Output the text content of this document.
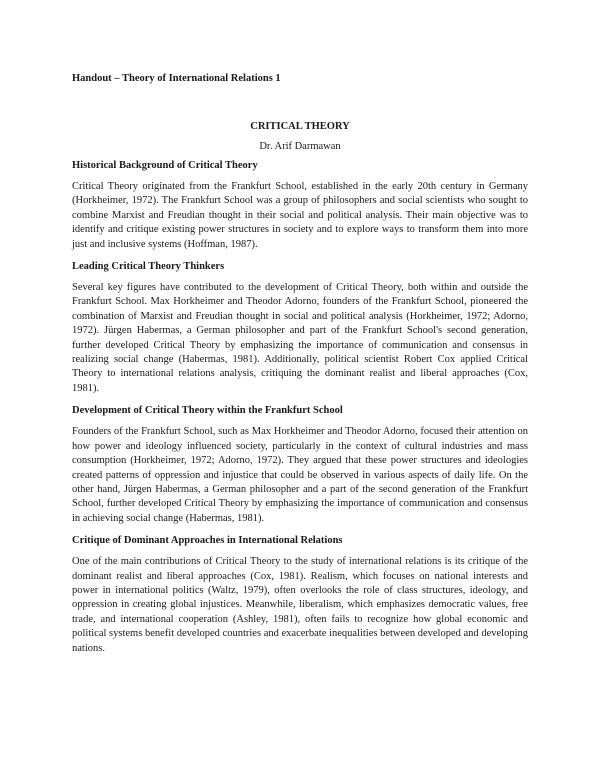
Handout – Theory of International Relations 1

CRITICAL THEORY

Dr. Arif Darmawan

Historical Background of Critical Theory

Critical Theory originated from the Frankfurt School, established in the early 20th century in Germany (Horkheimer, 1972). The Frankfurt School was a group of philosophers and social scientists who sought to combine Marxist and Freudian thought in their social and political analysis. Their main objective was to identify and critique existing power structures in society and to explore ways to transform them into more just and inclusive systems (Hoffman, 1987).

Leading Critical Theory Thinkers

Several key figures have contributed to the development of Critical Theory, both within and outside the Frankfurt School. Max Horkheimer and Theodor Adorno, founders of the Frankfurt School, pioneered the combination of Marxist and Freudian thought in social and political analysis (Horkheimer, 1972; Adorno, 1972). Jürgen Habermas, a German philosopher and part of the Frankfurt School's second generation, further developed Critical Theory by emphasizing the importance of communication and consensus in realizing social change (Habermas, 1981). Additionally, political scientist Robert Cox applied Critical Theory to international relations analysis, critiquing the dominant realist and liberal approaches (Cox, 1981).

Development of Critical Theory within the Frankfurt School

Founders of the Frankfurt School, such as Max Horkheimer and Theodor Adorno, focused their attention on how power and ideology influenced society, particularly in the context of cultural industries and mass consumption (Horkheimer, 1972; Adorno, 1972). They argued that these power structures and ideologies created patterns of oppression and injustice that could be observed in various aspects of daily life. On the other hand, Jürgen Habermas, a German philosopher and a part of the second generation of the Frankfurt School, further developed Critical Theory by emphasizing the importance of communication and consensus in achieving social change (Habermas, 1981).

Critique of Dominant Approaches in International Relations

One of the main contributions of Critical Theory to the study of international relations is its critique of the dominant realist and liberal approaches (Cox, 1981). Realism, which focuses on national interests and power in international politics (Waltz, 1979), often overlooks the role of class structures, ideology, and oppression in creating global injustices. Meanwhile, liberalism, which emphasizes democratic values, free trade, and international cooperation (Ashley, 1981), often fails to recognize how global economic and political systems benefit developed countries and exacerbate inequalities between developed and developing nations.
